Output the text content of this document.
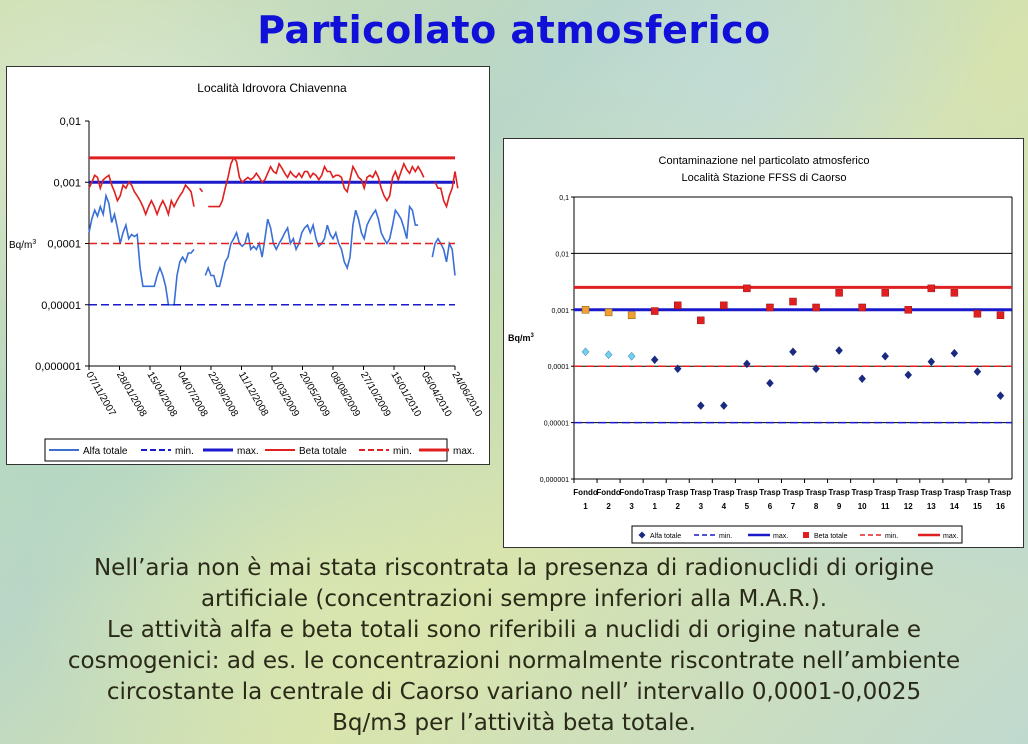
Particolato atmosferico
Località Idrovora Chiavenna
0,01
0,001
0,0001
0,00001
0,000001
$Bq/m^3$
07/11/2007
28/01/2008
15/04/2008
04/07/2008
22/09/2008
11/12/2008
01/03/2009
20/05/2009
08/08/2009
27/10/2009
15/01/2010
05/04/2010
24/06/2010
Alfa totale	min.	max.	Beta totale	min.	max.
Contaminazione nel particolato atmosferico
Località Stazione FFSS di Caorso
0,1
0,01
0,001
0,0001
0,00001
0,000001
$Bq/m^3$
Fondo
1
Fondo
2
Fondo
3
Trasp
1
Trasp
2
Trasp
3
Trasp
4
Trasp
5
Trasp
6
Trasp
7
Trasp
8
Trasp
9
Trasp
10
Trasp
11
Trasp
12
Trasp
13
Trasp
14
Trasp
15
Trasp
16
Alfa totale	min.	max.	Beta totale	min.	max.
Nell’aria non è mai stata riscontrata la presenza di radionuclidi di origine
artificiale (concentrazioni sempre inferiori alla M.A.R.).
Le attività alfa e beta totali sono riferibili a nuclidi di origine naturale e
cosmogenici: ad es. le concentrazioni normalmente riscontrate nell’ambiente
circostante la centrale di Caorso variano nell’ intervallo 0,0001-0,0025
Bq/m3 per l’attività beta totale.
